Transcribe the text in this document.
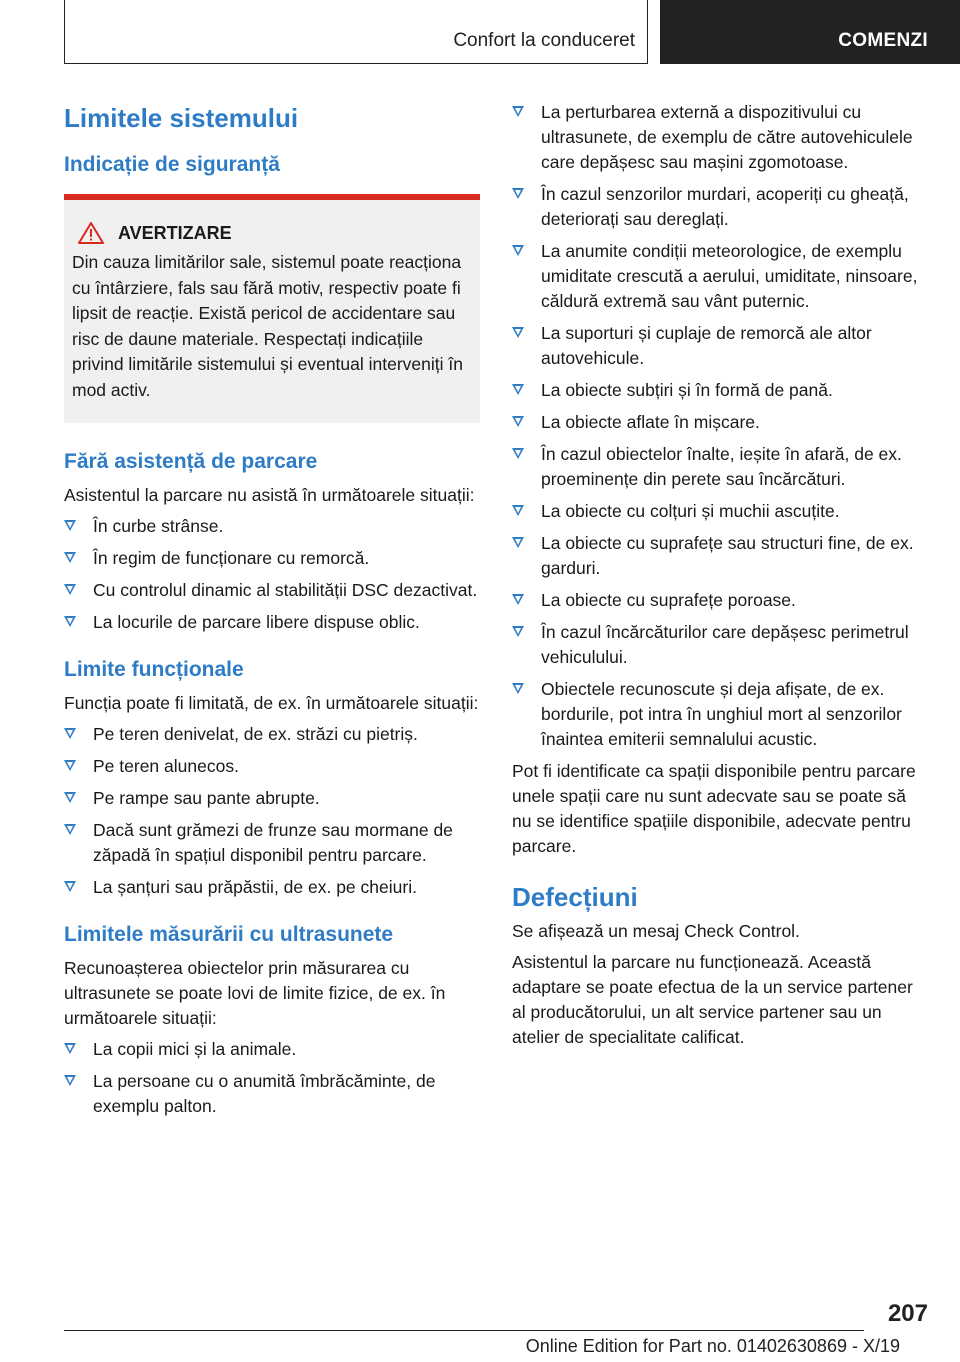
Confort la conduceret	COMENZI
Limitele sistemului
Indicație de siguranță
AVERTIZARE

Din cauza limitărilor sale, sistemul poate reacționa cu întârziere, fals sau fără motiv, respectiv poate fi lipsit de reacție. Există pericol de accidentare sau risc de daune materiale. Respectați indicațiile privind limitările sistemului și eventual interveniți în mod activ.

Fără asistență de parcare

Asistentul la parcare nu asistă în următoarele situații:

În curbe strânse.
În regim de funcționare cu remorcă.
Cu controlul dinamic al stabilității DSC dezactivat.
La locurile de parcare libere dispuse oblic.
Limite funcționale

Funcția poate fi limitată, de ex. în următoarele situații:

Pe teren denivelat, de ex. străzi cu pietriș.
Pe teren alunecos.
Pe rampe sau pante abrupte.
Dacă sunt grămezi de frunze sau mormane de zăpadă în spațiul disponibil pentru parcare.
La șanțuri sau prăpăstii, de ex. pe cheiuri.
Limitele măsurării cu ultrasunete

Recunoașterea obiectelor prin măsurarea cu ultrasunete se poate lovi de limite fizice, de ex. în următoarele situații:

La copii mici și la animale.
La persoane cu o anumită îmbrăcăminte, de exemplu palton.
La perturbarea externă a dispozitivului cu ultrasunete, de exemplu de către autovehiculele care depășesc sau mașini zgomotoase.
În cazul senzorilor murdari, acoperiți cu gheață, deteriorați sau dereglați.
La anumite condiții meteorologice, de exemplu umiditate crescută a aerului, umiditate, ninsoare, căldură extremă sau vânt puternic.
La suporturi și cuplaje de remorcă ale altor autovehicule.
La obiecte subțiri și în formă de pană.
La obiecte aflate în mișcare.
În cazul obiectelor înalte, ieșite în afară, de ex. proeminențe din perete sau încărcături.
La obiecte cu colțuri și muchii ascuțite.
La obiecte cu suprafețe sau structuri fine, de ex. garduri.
La obiecte cu suprafețe poroase.
În cazul încărcăturilor care depășesc perimetrul vehiculului.
Obiectele recunoscute și deja afișate, de ex. bordurile, pot intra în unghiul mort al senzorilor înaintea emiterii semnalului acustic.

Pot fi identificate ca spații disponibile pentru parcare unele spații care nu sunt adecvate sau se poate să nu se identifice spațiile disponibile, adecvate pentru parcare.

Defecțiuni

Se afișează un mesaj Check Control.

Asistentul la parcare nu funcționează. Această adaptare se poate efectua de la un service partener al producătorului, un alt service partener sau un atelier de specialitate calificat.

207
Online Edition for Part no. 01402630869 - X/19
